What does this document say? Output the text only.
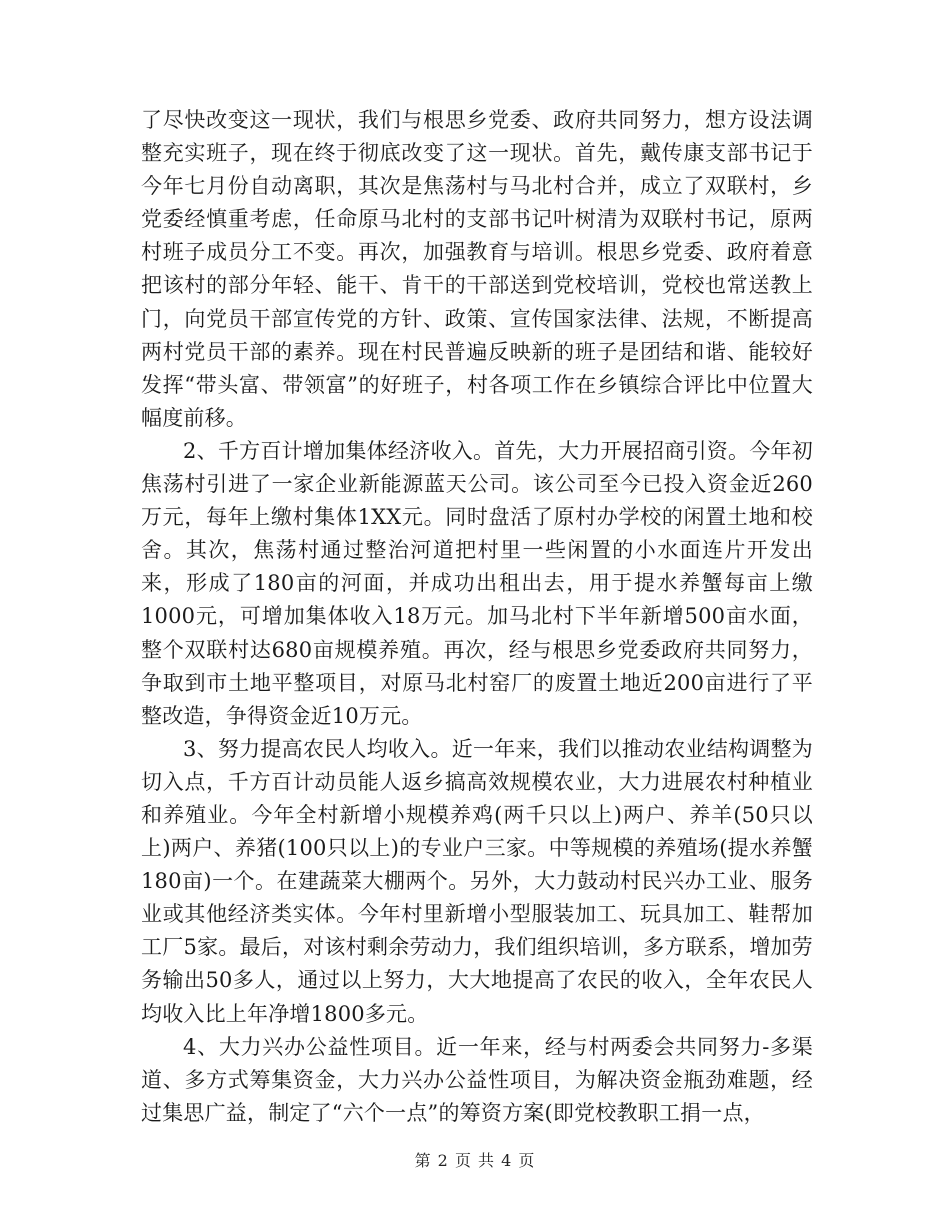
了尽快改变这一现状，我们与根思乡党委、政府共同努力，想方设法调整充实班子，现在终于彻底改变了这一现状。首先，戴传康支部书记于今年七月份自动离职，其次是焦荡村与马北村合并，成立了双联村，乡党委经慎重考虑，任命原马北村的支部书记叶树清为双联村书记，原两村班子成员分工不变。再次，加强教育与培训。根思乡党委、政府着意把该村的部分年轻、能干、肯干的干部送到党校培训，党校也常送教上门，向党员干部宣传党的方针、政策、宣传国家法律、法规，不断提高两村党员干部的素养。现在村民普遍反映新的班子是团结和谐、能较好发挥“带头富、带领富”的好班子，村各项工作在乡镇综合评比中位置大幅度前移。

2、千方百计增加集体经济收入。首先，大力开展招商引资。今年初焦荡村引进了一家企业新能源蓝天公司。该公司至今已投入资金近260万元，每年上缴村集体1XX元。同时盘活了原村办学校的闲置土地和校舍。其次，焦荡村通过整治河道把村里一些闲置的小水面连片开发出来，形成了180亩的河面，并成功出租出去，用于提水养蟹每亩上缴1000元，可增加集体收入18万元。加马北村下半年新增500亩水面，整个双联村达680亩规模养殖。再次，经与根思乡党委政府共同努力，争取到市土地平整项目，对原马北村窑厂的废置土地近200亩进行了平整改造，争得资金近10万元。

3、努力提高农民人均收入。近一年来，我们以推动农业结构调整为切入点，千方百计动员能人返乡搞高效规模农业，大力进展农村种植业和养殖业。今年全村新增小规模养鸡(两千只以上)两户、养羊(50只以上)两户、养猪(100只以上)的专业户三家。中等规模的养殖场(提水养蟹180亩)一个。在建蔬菜大棚两个。另外，大力鼓动村民兴办工业、服务业或其他经济类实体。今年村里新增小型服装加工、玩具加工、鞋帮加工厂5家。最后，对该村剩余劳动力，我们组织培训，多方联系，增加劳务输出50多人，通过以上努力，大大地提高了农民的收入，全年农民人均收入比上年净增1800多元。

4、大力兴办公益性项目。近一年来，经与村两委会共同努力-多渠道、多方式筹集资金，大力兴办公益性项目，为解决资金瓶劲难题，经过集思广益，制定了“六个一点”的筹资方案(即党校教职工捐一点，

第 2 页 共 4 页
